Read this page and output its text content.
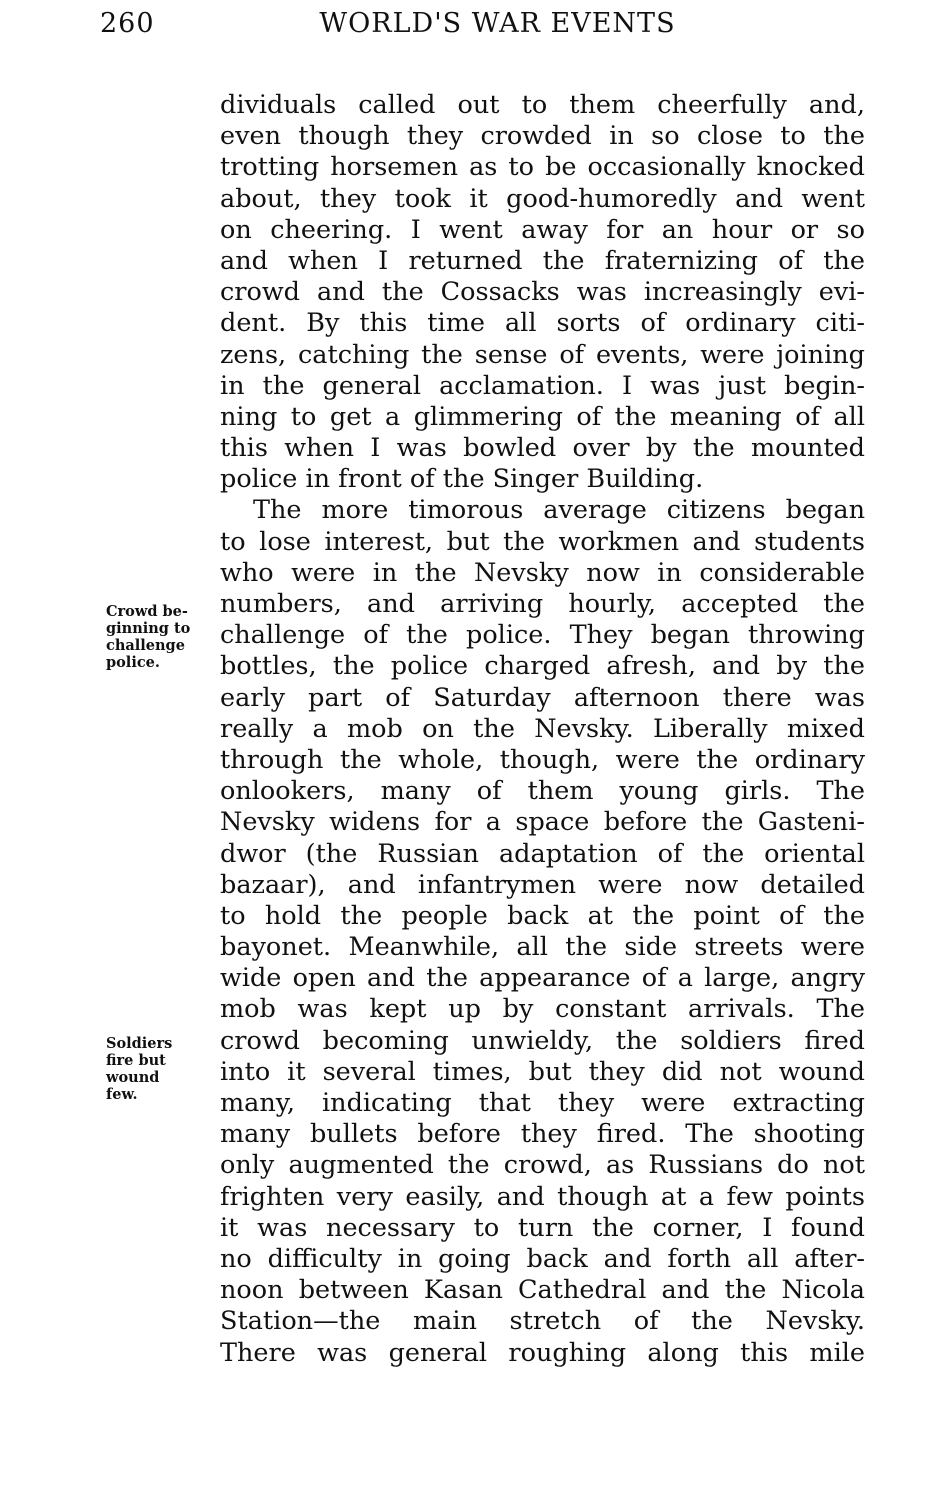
260	WORLD'S WAR EVENTS
Crowd be-
ginning to
challenge
police.
Soldiers
fire but
wound
few.
dividuals called out to them cheerfully and,
even though they crowded in so close to the
trotting horsemen as to be occasionally knocked
about, they took it good-humoredly and went
on cheering. I went away for an hour or so
and when I returned the fraternizing of the
crowd and the Cossacks was increasingly evi-
dent. By this time all sorts of ordinary citi-
zens, catching the sense of events, were joining
in the general acclamation. I was just begin-
ning to get a glimmering of the meaning of all
this when I was bowled over by the mounted
police in front of the Singer Building.
The more timorous average citizens began
to lose interest, but the workmen and students
who were in the Nevsky now in considerable
numbers, and arriving hourly, accepted the
challenge of the police. They began throwing
bottles, the police charged afresh, and by the
early part of Saturday afternoon there was
really a mob on the Nevsky. Liberally mixed
through the whole, though, were the ordinary
onlookers, many of them young girls. The
Nevsky widens for a space before the Gasteni-
dwor (the Russian adaptation of the oriental
bazaar), and infantrymen were now detailed
to hold the people back at the point of the
bayonet. Meanwhile, all the side streets were
wide open and the appearance of a large, angry
mob was kept up by constant arrivals. The
crowd becoming unwieldy, the soldiers fired
into it several times, but they did not wound
many, indicating that they were extracting
many bullets before they fired. The shooting
only augmented the crowd, as Russians do not
frighten very easily, and though at a few points
it was necessary to turn the corner, I found
no difficulty in going back and forth all after-
noon between Kasan Cathedral and the Nicola
Station—the main stretch of the Nevsky.
There was general roughing along this mile
